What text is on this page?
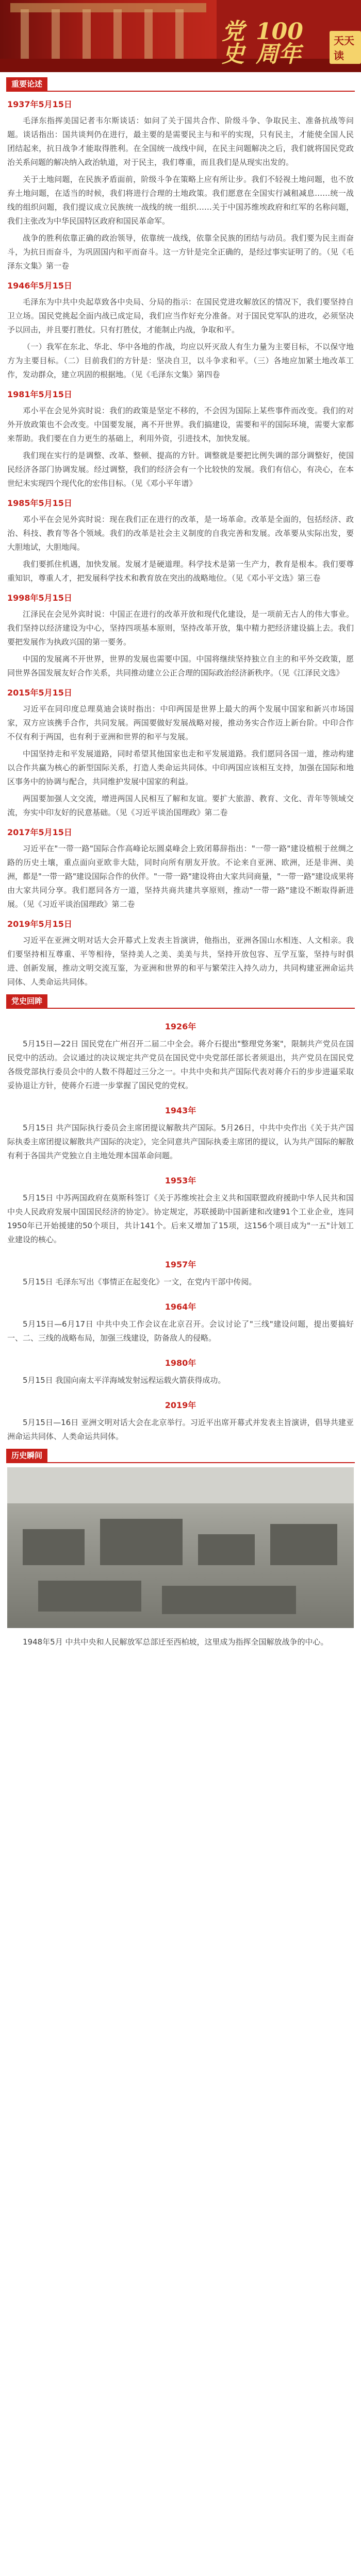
党史
100周年
天天读
重要论述
1937年5月15日

毛泽东指挥美国记者韦尔斯谈话：如问了关于国共合作、阶级斗争、争取民主、准备抗战等问题。谈话指出：国共谈判仍在进行，最主要的是需要民主与和平的实现，只有民主，才能使全国人民团结起来，抗日战争才能取得胜利。在全国统一战线中间，在民主问题解决之后，我们就将国民党政治关系问题的解决纳入政治轨道，对于民主，我们尊重，而且我们是从现实出发的。

关于土地问题，在民族矛盾面前，阶级斗争在策略上应有所让步。我们不轻视土地问题，也不放弃土地问题，在适当的时候，我们将进行合理的土地政策。我们愿意在全国实行减租减息……统一战线的组织问题，我们提议成立民族统一战线的统一组织……关于中国苏维埃政府和红军的名称问题，我们主张改为中华民国特区政府和国民革命军。

战争的胜利依靠正确的政治领导，依靠统一战线，依靠全民族的团结与动员。我们要为民主而奋斗，为抗日而奋斗，为巩固国内和平而奋斗。这一方针是完全正确的，是经过事实证明了的。（见《毛泽东文集》第一卷

1946年5月15日

毛泽东为中共中央起草致各中央局、分局的指示：在国民党进攻解放区的情况下，我们要坚持自卫立场。国民党挑起全面内战已成定局，我们应当作好充分准备。对于国民党军队的进攻，必须坚决予以回击，并且要打胜仗。只有打胜仗，才能制止内战，争取和平。

（一）我军在东北、华北、华中各地的作战，均应以歼灭敌人有生力量为主要目标，不以保守地方为主要目标。（二）目前我们的方针是：坚决自卫，以斗争求和平。（三）各地应加紧土地改革工作，发动群众，建立巩固的根据地。（见《毛泽东文集》第四卷

1981年5月15日

邓小平在会见外宾时说：我们的政策是坚定不移的，不会因为国际上某些事件而改变。我们的对外开放政策也不会改变。中国要发展，离不开世界。我们搞建设，需要和平的国际环境，需要大家都来帮助。我们要在自力更生的基础上，利用外资，引进技术，加快发展。

我们现在实行的是调整、改革、整顿、提高的方针。调整就是要把比例失调的部分调整好，使国民经济各部门协调发展。经过调整，我们的经济会有一个比较快的发展。我们有信心，有决心，在本世纪末实现四个现代化的宏伟目标。（见《邓小平年谱》

1985年5月15日

邓小平在会见外宾时说：现在我们正在进行的改革，是一场革命。改革是全面的，包括经济、政治、科技、教育等各个领域。我们的改革是社会主义制度的自我完善和发展。改革要从实际出发，要大胆地试，大胆地闯。

我们要抓住机遇，加快发展。发展才是硬道理。科学技术是第一生产力，教育是根本。我们要尊重知识，尊重人才，把发展科学技术和教育放在突出的战略地位。（见《邓小平文选》第三卷

1998年5月15日

江泽民在会见外宾时说：中国正在进行的改革开放和现代化建设，是一项前无古人的伟大事业。我们坚持以经济建设为中心，坚持四项基本原则，坚持改革开放，集中精力把经济建设搞上去。我们要把发展作为执政兴国的第一要务。

中国的发展离不开世界，世界的发展也需要中国。中国将继续坚持独立自主的和平外交政策，愿同世界各国发展友好合作关系，共同推动建立公正合理的国际政治经济新秩序。（见《江泽民文选》

2015年5月15日

习近平在同印度总理莫迪会谈时指出：中印两国是世界上最大的两个发展中国家和新兴市场国家，双方应该携手合作，共同发展。两国要做好发展战略对接，推动务实合作迈上新台阶。中印合作不仅有利于两国，也有利于亚洲和世界的和平与发展。

中国坚持走和平发展道路，同时希望其他国家也走和平发展道路。我们愿同各国一道，推动构建以合作共赢为核心的新型国际关系，打造人类命运共同体。中印两国应该相互支持，加强在国际和地区事务中的协调与配合，共同维护发展中国家的利益。

两国要加强人文交流，增进两国人民相互了解和友谊。要扩大旅游、教育、文化、青年等领域交流，夯实中印友好的民意基础。（见《习近平谈治国理政》第二卷

2017年5月15日

习近平在"一带一路"国际合作高峰论坛圆桌峰会上致闭幕辞指出："一带一路"建设植根于丝绸之路的历史土壤，重点面向亚欧非大陆，同时向所有朋友开放。不论来自亚洲、欧洲，还是非洲、美洲，都是"一带一路"建设国际合作的伙伴。"一带一路"建设将由大家共同商量，"一带一路"建设成果将由大家共同分享。我们愿同各方一道，坚持共商共建共享原则，推动"一带一路"建设不断取得新进展。（见《习近平谈治国理政》第二卷

2019年5月15日

习近平在亚洲文明对话大会开幕式上发表主旨演讲，他指出，亚洲各国山水相连、人文相亲。我们要坚持相互尊重、平等相待，坚持美人之美、美美与共，坚持开放包容、互学互鉴，坚持与时俱进、创新发展，推动文明交流互鉴，为亚洲和世界的和平与繁荣注入持久动力，共同构建亚洲命运共同体、人类命运共同体。

党史回眸
1926年

5月15日—22日 国民党在广州召开二届二中全会。蒋介石提出"整理党务案"，限制共产党员在国民党中的活动。会议通过的决议规定共产党员在国民党中央党部任部长者须退出，共产党员在国民党各级党部执行委员会中的人数不得超过三分之一。中共中央和共产国际代表对蒋介石的步步进逼采取妥协退让方针，使蒋介石进一步掌握了国民党的党权。

1943年

5月15日 共产国际执行委员会主席团提议解散共产国际。5月26日，中共中央作出《关于共产国际执委主席团提议解散共产国际的决定》，完全同意共产国际执委主席团的提议，认为共产国际的解散有利于各国共产党独立自主地处理本国革命问题。

1953年

5月15日 中苏两国政府在莫斯科签订《关于苏维埃社会主义共和国联盟政府援助中华人民共和国中央人民政府发展中国国民经济的协定》。协定规定，苏联援助中国新建和改建91个工业企业，连同1950年已开始援建的50个项目，共计141个。后来又增加了15项，这156个项目成为"一五"计划工业建设的核心。

1957年

5月15日 毛泽东写出《事情正在起变化》一文，在党内干部中传阅。

1964年

5月15日—6月17日 中共中央工作会议在北京召开。会议讨论了"三线"建设问题，提出要搞好一、二、三线的战略布局，加强三线建设，防备敌人的侵略。

1980年

5月15日 我国向南太平洋海域发射远程运载火箭获得成功。

2019年

5月15日—16日 亚洲文明对话大会在北京举行。习近平出席开幕式并发表主旨演讲，倡导共建亚洲命运共同体、人类命运共同体。

历史瞬间
1948年5月 中共中央和人民解放军总部迁至西柏坡，这里成为指挥全国解放战争的中心。
